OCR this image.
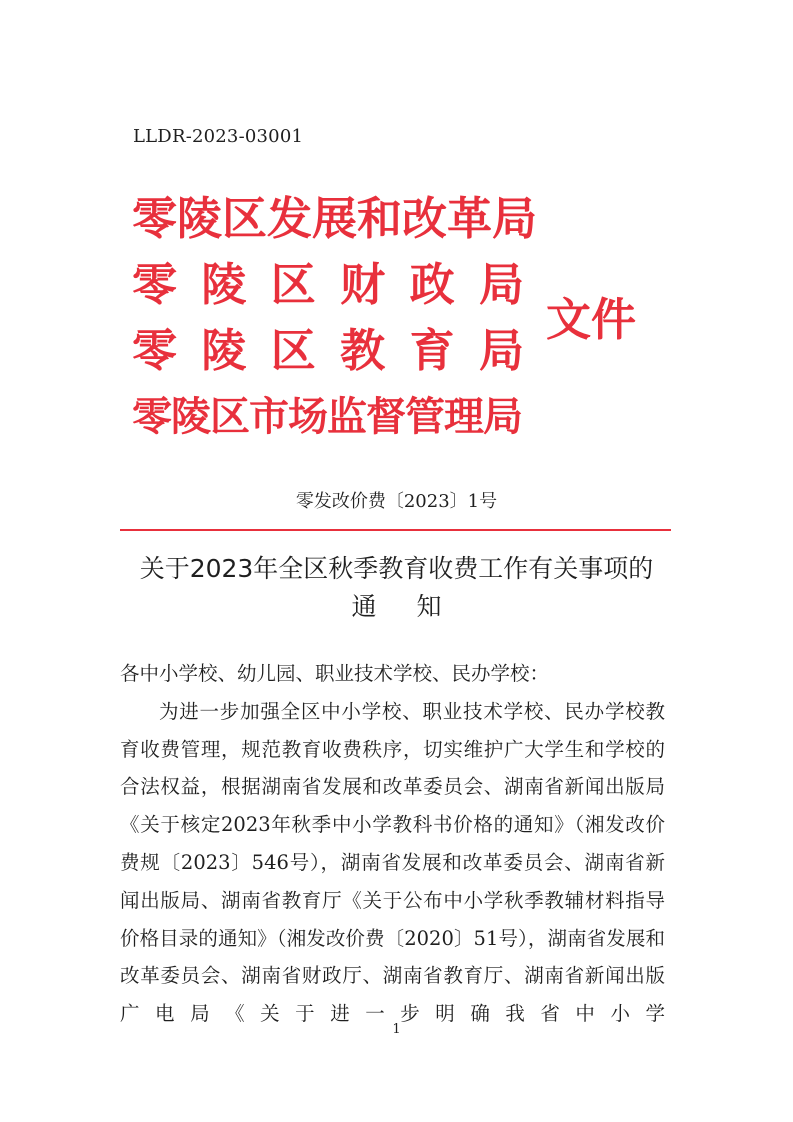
LLDR-2023-03001
零陵区发展和改革局
零 陵 区 财 政 局
零 陵 区 教 育 局
零陵区市场监督管理局
文件
零发改价费〔2023〕1号
关于2023年全区秋季教育收费工作有关事项的
通知

各中小学校、幼儿园、职业技术学校、民办学校：

为进一步加强全区中小学校、职业技术学校、民办学校教育收费管理，规范教育收费秩序，切实维护广大学生和学校的合法权益，根据湖南省发展和改革委员会、湖南省新闻出版局《关于核定2023年秋季中小学教科书价格的通知》（湘发改价费规〔2023〕546号），湖南省发展和改革委员会、湖南省新闻出版局、湖南省教育厅《关于公布中小学秋季教辅材料指导价格目录的通知》（湘发改价费〔2020〕51号），湖南省发展和改革委员会、湖南省财政厅、湖南省教育厅、湖南省新闻出版广电局《关于进一步明确我省中小学

1
